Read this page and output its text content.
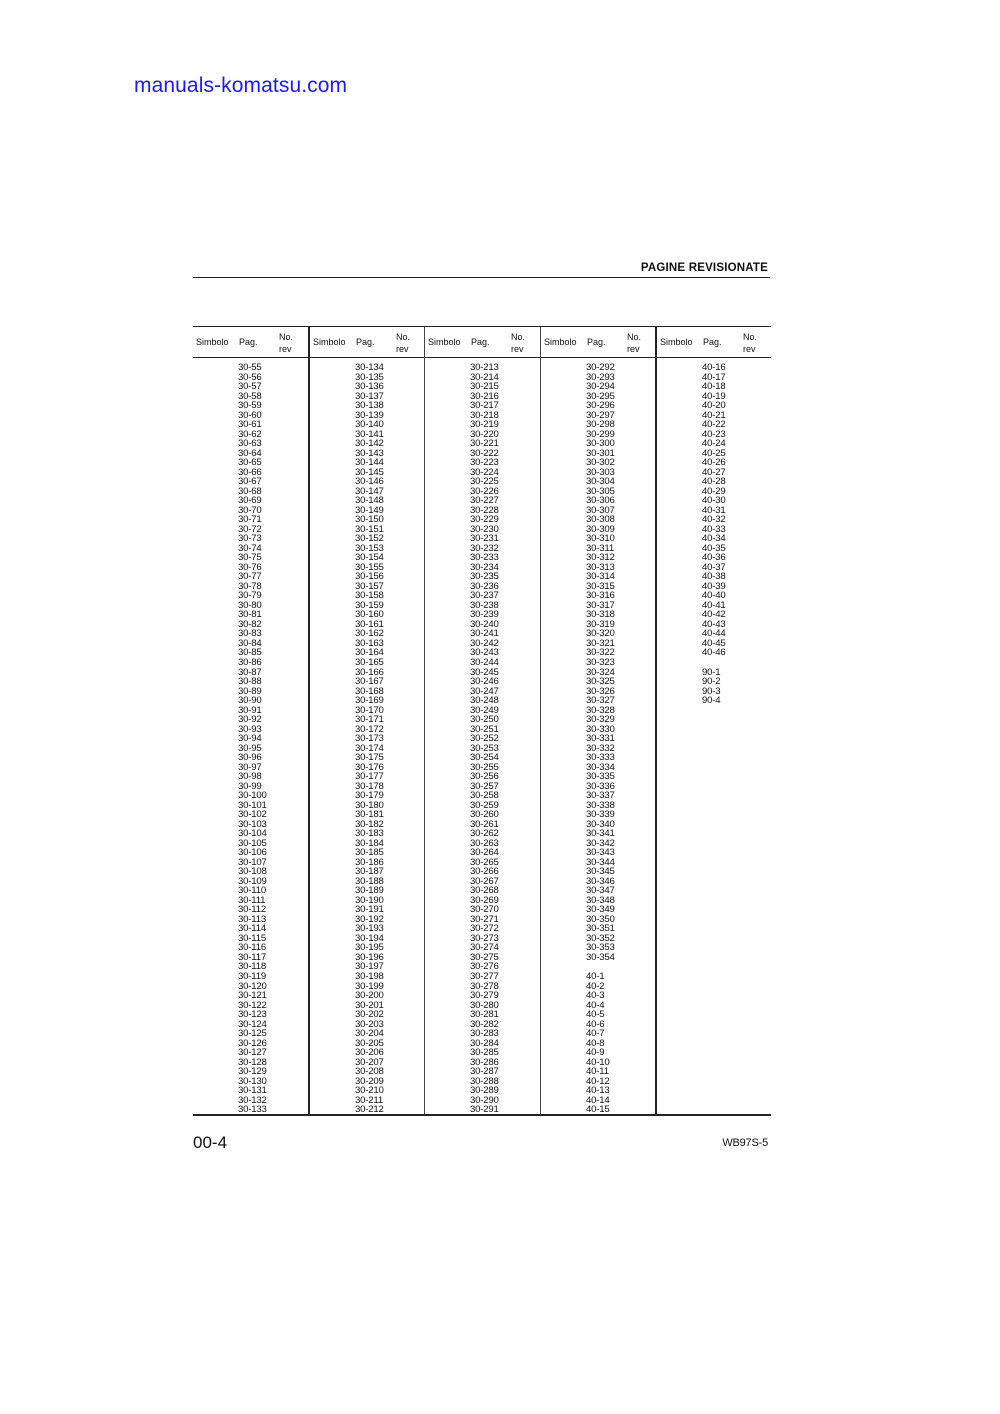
manuals-komatsu.com
PAGINE REVISIONATE
Simbolo Pag. No.
rev
30-55
30-56
30-57
30-58
30-59
30-60
30-61
30-62
30-63
30-64
30-65
30-66
30-67
30-68
30-69
30-70
30-71
30-72
30-73
30-74
30-75
30-76
30-77
30-78
30-79
30-80
30-81
30-82
30-83
30-84
30-85
30-86
30-87
30-88
30-89
30-90
30-91
30-92
30-93
30-94
30-95
30-96
30-97
30-98
30-99
30-100
30-101
30-102
30-103
30-104
30-105
30-106
30-107
30-108
30-109
30-110
30-111
30-112
30-113
30-114
30-115
30-116
30-117
30-118
30-119
30-120
30-121
30-122
30-123
30-124
30-125
30-126
30-127
30-128
30-129
30-130
30-131
30-132
30-133
Simbolo Pag. No.
rev
30-134
30-135
30-136
30-137
30-138
30-139
30-140
30-141
30-142
30-143
30-144
30-145
30-146
30-147
30-148
30-149
30-150
30-151
30-152
30-153
30-154
30-155
30-156
30-157
30-158
30-159
30-160
30-161
30-162
30-163
30-164
30-165
30-166
30-167
30-168
30-169
30-170
30-171
30-172
30-173
30-174
30-175
30-176
30-177
30-178
30-179
30-180
30-181
30-182
30-183
30-184
30-185
30-186
30-187
30-188
30-189
30-190
30-191
30-192
30-193
30-194
30-195
30-196
30-197
30-198
30-199
30-200
30-201
30-202
30-203
30-204
30-205
30-206
30-207
30-208
30-209
30-210
30-211
30-212
Simbolo Pag. No.
rev
30-213
30-214
30-215
30-216
30-217
30-218
30-219
30-220
30-221
30-222
30-223
30-224
30-225
30-226
30-227
30-228
30-229
30-230
30-231
30-232
30-233
30-234
30-235
30-236
30-237
30-238
30-239
30-240
30-241
30-242
30-243
30-244
30-245
30-246
30-247
30-248
30-249
30-250
30-251
30-252
30-253
30-254
30-255
30-256
30-257
30-258
30-259
30-260
30-261
30-262
30-263
30-264
30-265
30-266
30-267
30-268
30-269
30-270
30-271
30-272
30-273
30-274
30-275
30-276
30-277
30-278
30-279
30-280
30-281
30-282
30-283
30-284
30-285
30-286
30-287
30-288
30-289
30-290
30-291
Simbolo Pag. No.
rev
30-292
30-293
30-294
30-295
30-296
30-297
30-298
30-299
30-300
30-301
30-302
30-303
30-304
30-305
30-306
30-307
30-308
30-309
30-310
30-311
30-312
30-313
30-314
30-315
30-316
30-317
30-318
30-319
30-320
30-321
30-322
30-323
30-324
30-325
30-326
30-327
30-328
30-329
30-330
30-331
30-332
30-333
30-334
30-335
30-336
30-337
30-338
30-339
30-340
30-341
30-342
30-343
30-344
30-345
30-346
30-347
30-348
30-349
30-350
30-351
30-352
30-353
30-354
40-1
40-2
40-3
40-4
40-5
40-6
40-7
40-8
40-9
40-10
40-11
40-12
40-13
40-14
40-15
Simbolo Pag. No.
rev
40-16
40-17
40-18
40-19
40-20
40-21
40-22
40-23
40-24
40-25
40-26
40-27
40-28
40-29
40-30
40-31
40-32
40-33
40-34
40-35
40-36
40-37
40-38
40-39
40-40
40-41
40-42
40-43
40-44
40-45
40-46
90-1
90-2
90-3
90-4
00-4	WB97S-5
